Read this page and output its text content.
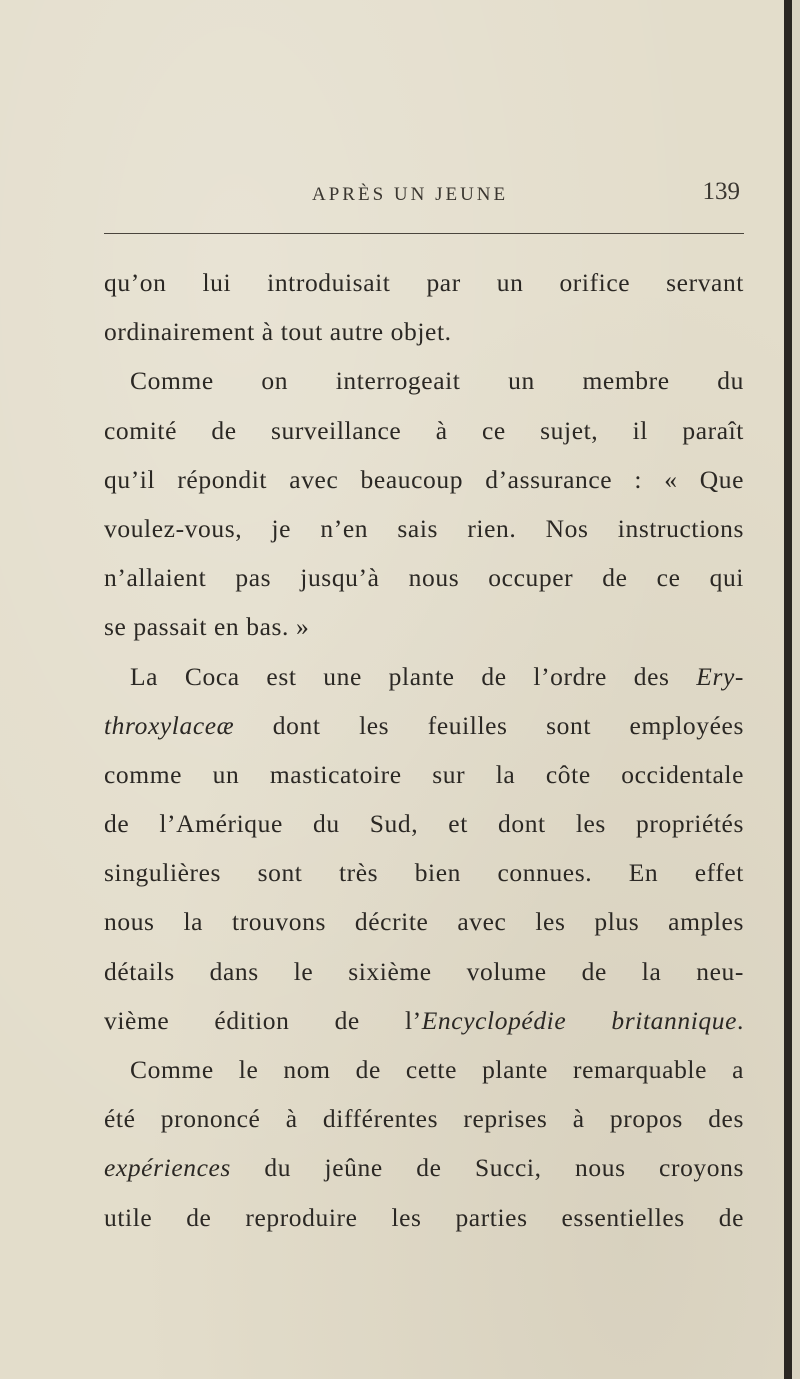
APRÈS UN JEUNE	139
qu’on lui introduisait par un orifice servant
ordinairement à tout autre objet.
Comme on interrogeait un membre du
comité de surveillance à ce sujet, il paraît
qu’il répondit avec beaucoup d’assurance : « Que
voulez-vous, je n’en sais rien. Nos instructions
n’allaient pas jusqu’à nous occuper de ce qui
se passait en bas. »
La Coca est une plante de l’ordre des Ery-
throxylaceæ dont les feuilles sont employées
comme un masticatoire sur la côte occidentale
de l’Amérique du Sud, et dont les propriétés
singulières sont très bien connues. En effet
nous la trouvons décrite avec les plus amples
détails dans le sixième volume de la neu-
vième édition de l’Encyclopédie britannique.
Comme le nom de cette plante remarquable a
été prononcé à différentes reprises à propos des
expériences du jeûne de Succi, nous croyons
utile de reproduire les parties essentielles de
